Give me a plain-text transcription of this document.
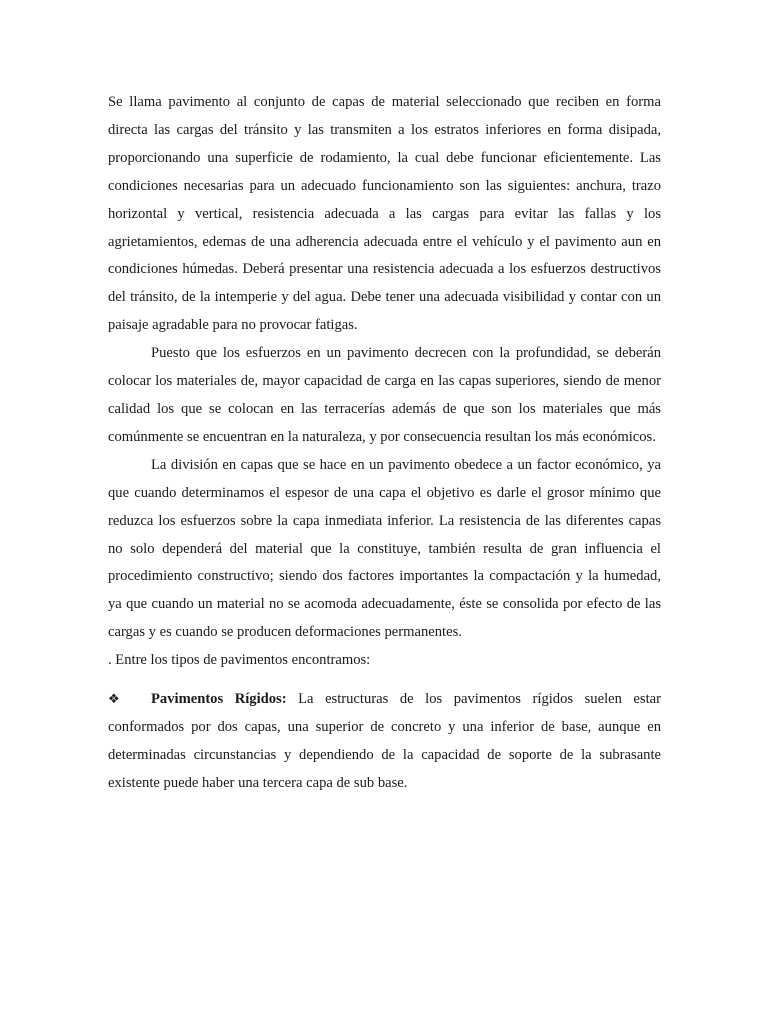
Se llama pavimento al conjunto de capas de material seleccionado que reciben en forma directa las cargas del tránsito y las transmiten a los estratos inferiores en forma disipada, proporcionando una superficie de rodamiento, la cual debe funcionar eficientemente. Las condiciones necesarias para un adecuado funcionamiento son las siguientes: anchura, trazo horizontal y vertical, resistencia adecuada a las cargas para evitar las fallas y los agrietamientos, edemas de una adherencia adecuada entre el vehículo y el pavimento aun en condiciones húmedas. Deberá presentar una resistencia adecuada a los esfuerzos destructivos del tránsito, de la intemperie y del agua. Debe tener una adecuada visibilidad y contar con un paisaje agradable para no provocar fatigas.

Puesto que los esfuerzos en un pavimento decrecen con la profundidad, se deberán colocar los materiales de, mayor capacidad de carga en las capas superiores, siendo de menor calidad los que se colocan en las terracerías además de que son los materiales que más comúnmente se encuentran en la naturaleza, y por consecuencia resultan los más económicos.

La división en capas que se hace en un pavimento obedece a un factor económico, ya que cuando determinamos el espesor de una capa el objetivo es darle el grosor mínimo que reduzca los esfuerzos sobre la capa inmediata inferior. La resistencia de las diferentes capas no solo dependerá del material que la constituye, también resulta de gran influencia el procedimiento constructivo; siendo dos factores importantes la compactación y la humedad, ya que cuando un material no se acomoda adecuadamente, éste se consolida por efecto de las cargas y es cuando se producen deformaciones permanentes.

. Entre los tipos de pavimentos encontramos:

❖ Pavimentos Rígidos: La estructuras de los pavimentos rígidos suelen estar conformados por dos capas, una superior de concreto y una inferior de base, aunque en determinadas circunstancias y dependiendo de la capacidad de soporte de la subrasante existente puede haber una tercera capa de sub base.
